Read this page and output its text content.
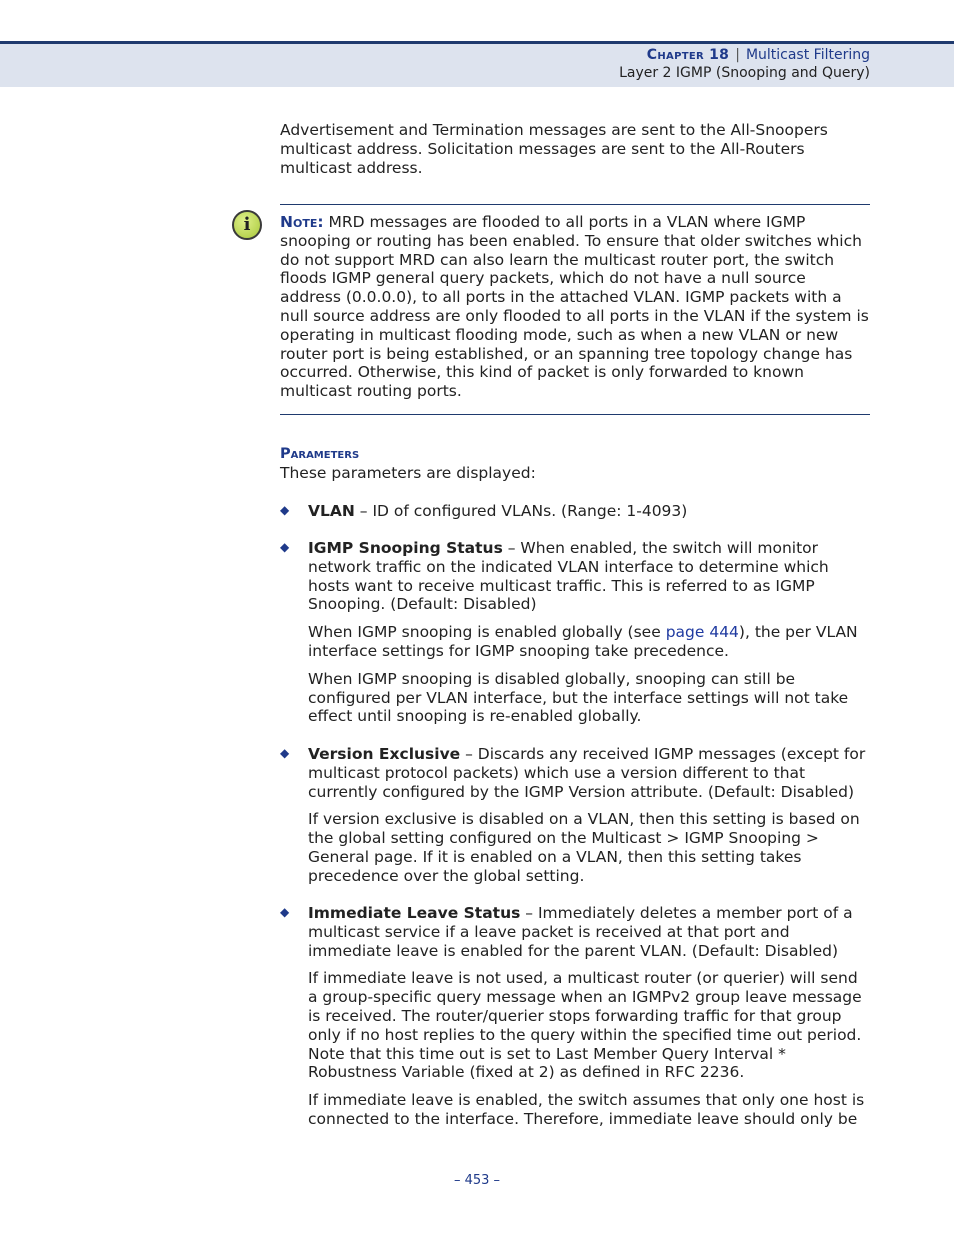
Chapter 18 | Multicast Filtering
Layer 2 IGMP (Snooping and Query)

Advertisement and Termination messages are sent to the All-Snoopers multicast address. Solicitation messages are sent to the All-Routers multicast address.

i	Note: MRD messages are flooded to all ports in a VLAN where IGMP snooping or routing has been enabled. To ensure that older switches which do not support MRD can also learn the multicast router port, the switch floods IGMP general query packets, which do not have a null source address (0.0.0.0), to all ports in the attached VLAN. IGMP packets with a null source address are only flooded to all ports in the VLAN if the system is operating in multicast flooding mode, such as when a new VLAN or new router port is being established, or an spanning tree topology change has occurred. Otherwise, this kind of packet is only forwarded to known multicast routing ports.

Parameters

These parameters are displayed:

◆ VLAN – ID of configured VLANs. (Range: 1-4093)

◆ IGMP Snooping Status – When enabled, the switch will monitor network traffic on the indicated VLAN interface to determine which hosts want to receive multicast traffic. This is referred to as IGMP Snooping. (Default: Disabled)

When IGMP snooping is enabled globally (see page 444), the per VLAN interface settings for IGMP snooping take precedence.

When IGMP snooping is disabled globally, snooping can still be configured per VLAN interface, but the interface settings will not take effect until snooping is re-enabled globally.

◆ Version Exclusive – Discards any received IGMP messages (except for multicast protocol packets) which use a version different to that currently configured by the IGMP Version attribute. (Default: Disabled)

If version exclusive is disabled on a VLAN, then this setting is based on the global setting configured on the Multicast > IGMP Snooping > General page. If it is enabled on a VLAN, then this setting takes precedence over the global setting.

◆ Immediate Leave Status – Immediately deletes a member port of a multicast service if a leave packet is received at that port and immediate leave is enabled for the parent VLAN. (Default: Disabled)

If immediate leave is not used, a multicast router (or querier) will send a group-specific query message when an IGMPv2 group leave message is received. The router/querier stops forwarding traffic for that group only if no host replies to the query within the specified time out period. Note that this time out is set to Last Member Query Interval * Robustness Variable (fixed at 2) as defined in RFC 2236.

If immediate leave is enabled, the switch assumes that only one host is connected to the interface. Therefore, immediate leave should only be

– 453 –
